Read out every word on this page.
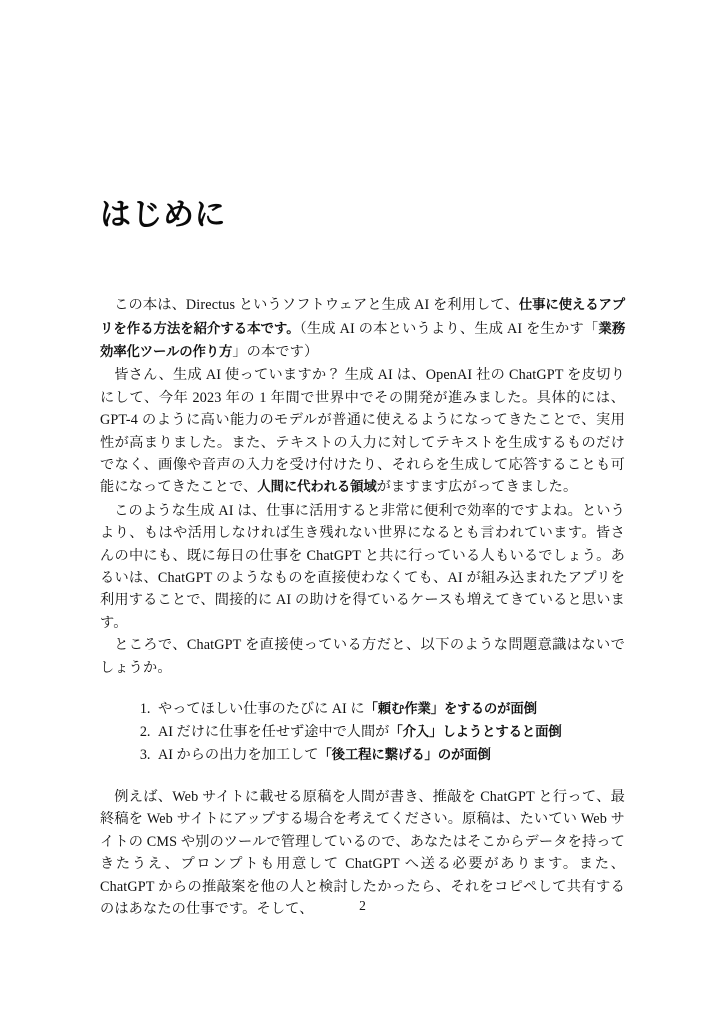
はじめに

この本は、Directus というソフトウェアと生成 AI を利用して、仕事に使えるアプリを作る方法を紹介する本です。（生成 AI の本というより、生成 AI を生かす「業務効率化ツールの作り方」の本です）

皆さん、生成 AI 使っていますか？ 生成 AI は、OpenAI 社の ChatGPT を皮切りにして、今年 2023 年の 1 年間で世界中でその開発が進みました。具体的には、GPT-4 のように高い能力のモデルが普通に使えるようになってきたことで、実用性が高まりました。また、テキストの入力に対してテキストを生成するものだけでなく、画像や音声の入力を受け付けたり、それらを生成して応答することも可能になってきたことで、人間に代われる領域がますます広がってきました。

このような生成 AI は、仕事に活用すると非常に便利で効率的ですよね。というより、もはや活用しなければ生き残れない世界になるとも言われています。皆さんの中にも、既に毎日の仕事を ChatGPT と共に行っている人もいるでしょう。あるいは、ChatGPT のようなものを直接使わなくても、AI が組み込まれたアプリを利用することで、間接的に AI の助けを得ているケースも増えてきていると思います。

ところで、ChatGPT を直接使っている方だと、以下のような問題意識はないでしょうか。

1. やってほしい仕事のたびに AI に「頼む作業」をするのが面倒
2. AI だけに仕事を任せず途中で人間が「介入」しようとすると面倒
3. AI からの出力を加工して「後工程に繋げる」のが面倒

例えば、Web サイトに載せる原稿を人間が書き、推敲を ChatGPT と行って、最終稿を Web サイトにアップする場合を考えてください。原稿は、たいてい Web サイトの CMS や別のツールで管理しているので、あなたはそこからデータを持ってきたうえ、プロンプトも用意して ChatGPT へ送る必要があります。また、ChatGPT からの推敲案を他の人と検討したかったら、それをコピペして共有するのはあなたの仕事です。そして、	2
